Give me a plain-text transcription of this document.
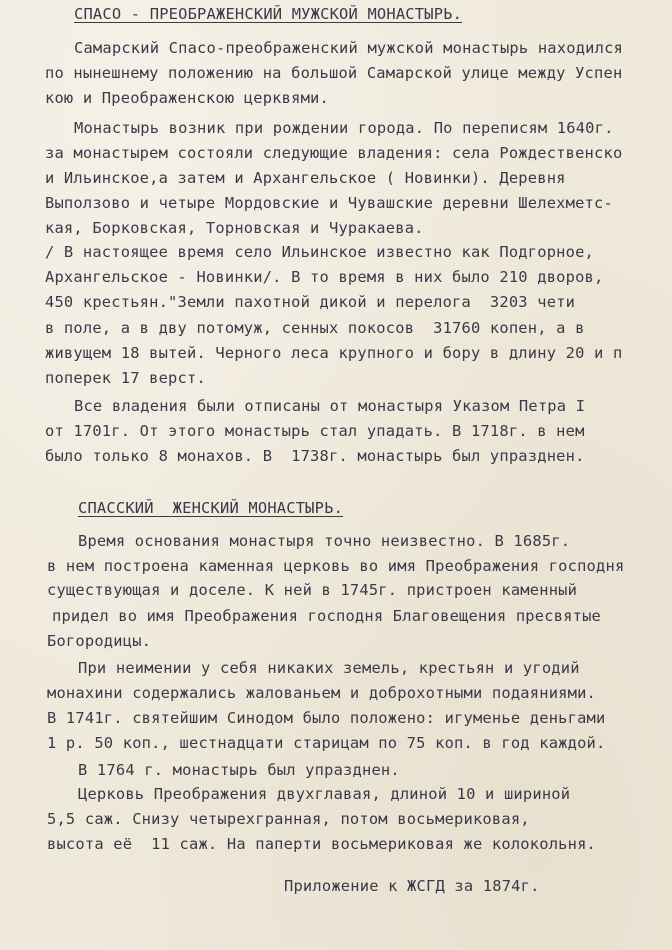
СПАСО - ПРЕОБРАЖЕНСКИЙ МУЖСКОЙ МОНАСТЫРЬ.
Самарский Спасо-преображенский мужской монастырь находился
по нынешнему положению на большой Самарской улице между Успен
кою и Преображенскою церквями.
Монастырь возник при рождении города. По переписям 1640г.
за монастырем состояли следующие владения: села Рождественско
и Ильинское,а затем и Архангельское ( Новинки). Деревня
Выползово и четыре Мордовские и Чувашские деревни Шелехметс-
кая, Борковская, Торновская и Чуракаева.
/ В настоящее время село Ильинское известно как Подгорное,
Архангельское - Новинки/. В то время в них было 210 дворов,
450 крестьян."Земли пахотной дикой и перелога  3203 чети
в поле, а в дву потомуж, сенных покосов  31760 копен, а в
живущем 18 вытей. Черного леса крупного и бору в длину 20 и п
поперек 17 верст.
Все владения были отписаны от монастыря Указом Петра I
от 1701г. От этого монастырь стал упадать. В 1718г. в нем
было только 8 монахов. В  1738г. монастырь был упразднен.
СПАССКИЙ  ЖЕНСКИЙ МОНАСТЫРЬ.
Время основания монастыря точно неизвестно. В 1685г.
в нем построена каменная церковь во имя Преображения господня
существующая и доселе. К ней в 1745г. пристроен каменный
придел во имя Преображения господня Благовещения пресвятые
Богородицы.
При неимении у себя никаких земель, крестьян и угодий
монахини содержались жалованьем и доброхотными подаяниями.
В 1741г. святейшим Синодом было положено: игуменье деньгами
1 р. 50 коп., шестнадцати старицам по 75 коп. в год каждой.
В 1764 г. монастырь был упразднен.
Церковь Преображения двухглавая, длиной 10 и шириной
5,5 саж. Снизу четырехгранная, потом восьмериковая,
высота её  11 саж. На паперти восьмериковая же колокольня.
Приложение к ЖСГД за 1874г.
